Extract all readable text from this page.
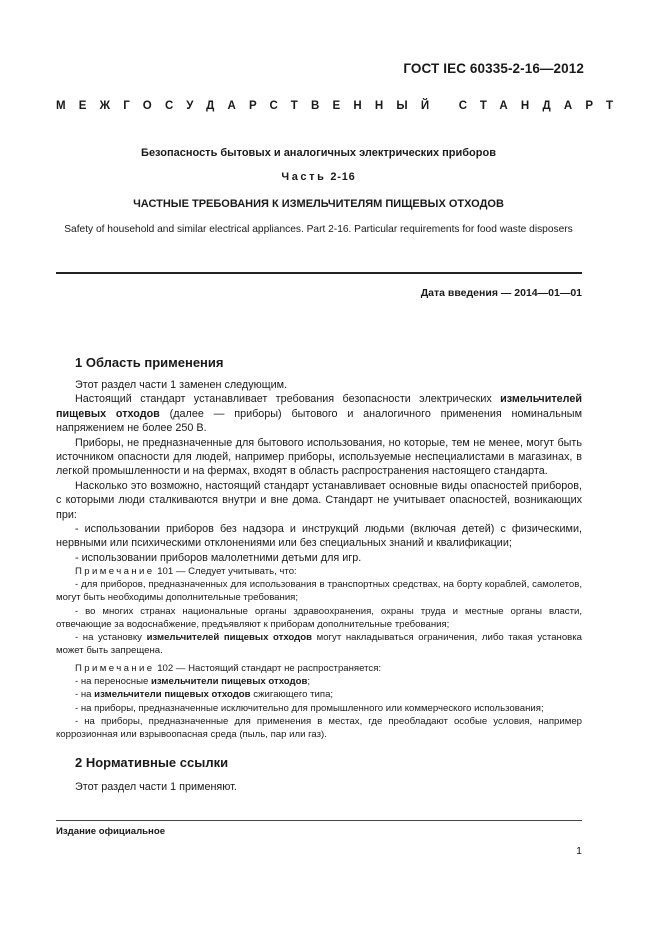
ГОСТ IEC 60335-2-16—2012
МЕЖГОСУДАРСТВЕННЫЙ СТАНДАРТ
Безопасность бытовых и аналогичных электрических приборов
Часть 2-16
ЧАСТНЫЕ ТРЕБОВАНИЯ К ИЗМЕЛЬЧИТЕЛЯМ ПИЩЕВЫХ ОТХОДОВ
Safety of household and similar electrical appliances. Part 2-16. Particular requirements for food waste disposers
Дата введения — 2014—01—01
1 Область применения

Этот раздел части 1 заменен следующим.

Настоящий стандарт устанавливает требования безопасности электрических измельчителей пищевых отходов (далее — приборы) бытового и аналогичного применения номинальным напряжением не более 250 В.

Приборы, не предназначенные для бытового использования, но которые, тем не менее, могут быть источником опасности для людей, например приборы, используемые неспециалистами в магазинах, в легкой промышленности и на фермах, входят в область распространения настоящего стандарта.

Насколько это возможно, настоящий стандарт устанавливает основные виды опасностей приборов, с которыми люди сталкиваются внутри и вне дома. Стандарт не учитывает опасностей, возникающих при:

- использовании приборов без надзора и инструкций людьми (включая детей) с физическими, нервными или психическими отклонениями или без специальных знаний и квалификации;

- использовании приборов малолетними детьми для игр.

Примечание 101 — Следует учитывать, что:

- для приборов, предназначенных для использования в транспортных средствах, на борту кораблей, самолетов, могут быть необходимы дополнительные требования;

- во многих странах национальные органы здравоохранения, охраны труда и местные органы власти, отвечающие за водоснабжение, предъявляют к приборам дополнительные требования;

- на установку измельчителей пищевых отходов могут накладываться ограничения, либо такая установка может быть запрещена.

Примечание 102 — Настоящий стандарт не распространяется:

- на переносные измельчители пищевых отходов;

- на измельчители пищевых отходов сжигающего типа;

- на приборы, предназначенные исключительно для промышленного или коммерческого использования;

- на приборы, предназначенные для применения в местах, где преобладают особые условия, например коррозионная или взрывоопасная среда (пыль, пар или газ).

2 Нормативные ссылки

Этот раздел части 1 применяют.

Издание официальное
1
